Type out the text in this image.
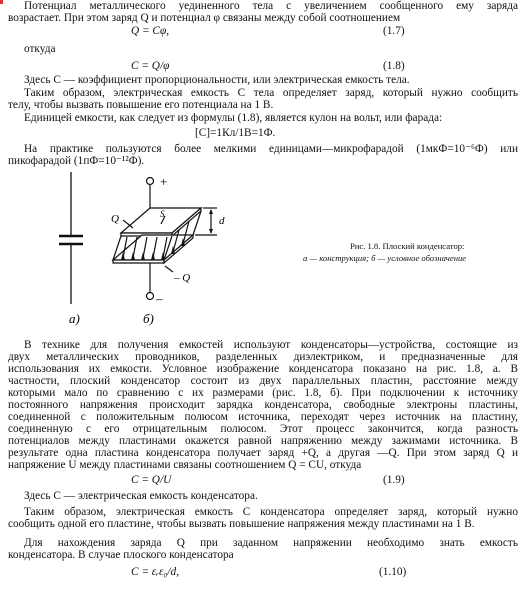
Потенциал металлического уединенного тела с увеличением сообщенного ему заряда
возрастает. При этом заряд Q и потенциал φ связаны между собой соотношением
Q = Cφ,	(1.7)
откуда
C = Q/φ	(1.8)
Здесь C — коэффициент пропорциональности, или электрическая емкость тела.
Таким образом, электрическая емкость C тела определяет заряд, который нужно сообщить
телу, чтобы вызвать повышение его потенциала на 1 В.
Единицей емкости, как следует из формулы (1.8), является кулон на вольт, или фарада:
[С]=1Кл/1В=1Ф.
На практике пользуются более мелкими единицами—микрофарадой (1мкФ=10⁻⁶Ф) или
пикофарадой (1пФ=10⁻¹²Ф).
а)
+
–
Q
– Q
S
d
б)
Рис. 1.8. Плоский конденсатор:
а — конструкция; б — условное обозначение
В технике для получения емкостей используют конденсаторы—устройства, состоящие из
двух металлических проводников, разделенных диэлектриком, и предназначенные для
использования их емкости. Условное изображение конденсатора показано на рис. 1.8, а. В
частности, плоский конденсатор состоит из двух параллельных пластин, расстояние между
которыми мало по сравнению с их размерами (рис. 1.8, б). При подключении к источнику
постоянного напряжения происходит зарядка конденсатора, свободные электроны пластины,
соединенной с положительным полюсом источника, переходят через источник на пластину,
соединенную с его отрицательным полюсом. Этот процесс закончится, когда разность
потенциалов между пластинами окажется равной напряжению между зажимами источника. В
результате одна пластина конденсатора получает заряд +Q, а другая —Q. При этом заряд Q и
напряжение U между пластинами связаны соотношением Q = CU, откуда
C = Q/U	(1.9)
Здесь C — электрическая емкость конденсатора.
Таким образом, электрическая емкость C конденсатора определяет заряд, который нужно
сообщить одной его пластине, чтобы вызвать повышение напряжения между пластинами на 1 В.
Для нахождения заряда Q при заданном напряжении необходимо знать емкость
конденсатора. В случае плоского конденсатора
C = εᵣε₀/d,	(1.10)
